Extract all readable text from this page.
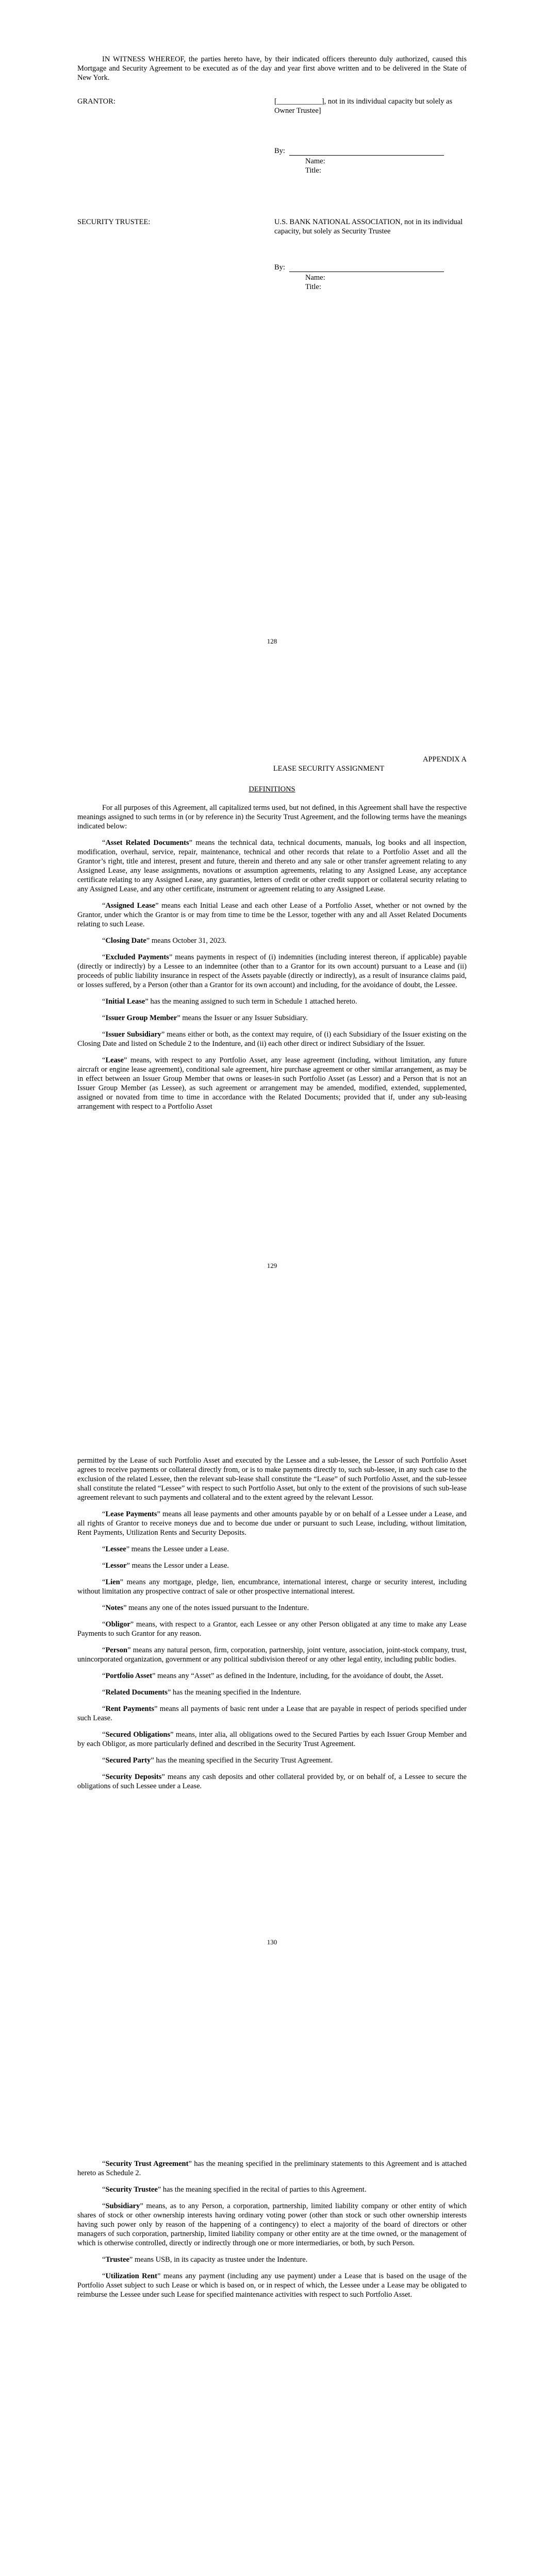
IN WITNESS WHEREOF, the parties hereto have, by their indicated officers thereunto duly authorized, caused this Mortgage and Security Agreement to be executed as of the day and year first above written and to be delivered in the State of New York.

GRANTOR:	[____________], not in its individual capacity but solely as Owner Trustee]
By:
Name:
Title:
SECURITY TRUSTEE:	U.S. BANK NATIONAL ASSOCIATION, not in its individual capacity, but solely as Security Trustee
By:
Name:
Title:
128

APPENDIX A

LEASE SECURITY ASSIGNMENT

DEFINITIONS

For all purposes of this Agreement, all capitalized terms used, but not defined, in this Agreement shall have the respective meanings assigned to such terms in (or by reference in) the Security Trust Agreement, and the following terms have the meanings indicated below:

“Asset Related Documents” means the technical data, technical documents, manuals, log books and all inspection, modification, overhaul, service, repair, maintenance, technical and other records that relate to a Portfolio Asset and all the Grantor’s right, title and interest, present and future, therein and thereto and any sale or other transfer agreement relating to any Assigned Lease, any lease assignments, novations or assumption agreements, relating to any Assigned Lease, any acceptance certificate relating to any Assigned Lease, any guaranties, letters of credit or other credit support or collateral security relating to any Assigned Lease, and any other certificate, instrument or agreement relating to any Assigned Lease.

“Assigned Lease” means each Initial Lease and each other Lease of a Portfolio Asset, whether or not owned by the Grantor, under which the Grantor is or may from time to time be the Lessor, together with any and all Asset Related Documents relating to such Lease.

“Closing Date” means October 31, 2023.

“Excluded Payments” means payments in respect of (i) indemnities (including interest thereon, if applicable) payable (directly or indirectly) by a Lessee to an indemnitee (other than to a Grantor for its own account) pursuant to a Lease and (ii) proceeds of public liability insurance in respect of the Assets payable (directly or indirectly), as a result of insurance claims paid, or losses suffered, by a Person (other than a Grantor for its own account) and including, for the avoidance of doubt, the Lessee.

“Initial Lease” has the meaning assigned to such term in Schedule 1 attached hereto.

“Issuer Group Member” means the Issuer or any Issuer Subsidiary.

“Issuer Subsidiary” means either or both, as the context may require, of (i) each Subsidiary of the Issuer existing on the Closing Date and listed on Schedule 2 to the Indenture, and (ii) each other direct or indirect Subsidiary of the Issuer.

“Lease” means, with respect to any Portfolio Asset, any lease agreement (including, without limitation, any future aircraft or engine lease agreement), conditional sale agreement, hire purchase agreement or other similar arrangement, as may be in effect between an Issuer Group Member that owns or leases-in such Portfolio Asset (as Lessor) and a Person that is not an Issuer Group Member (as Lessee), as such agreement or arrangement may be amended, modified, extended, supplemented, assigned or novated from time to time in accordance with the Related Documents; provided that if, under any sub-leasing arrangement with respect to a Portfolio Asset

129

permitted by the Lease of such Portfolio Asset and executed by the Lessee and a sub-lessee, the Lessor of such Portfolio Asset agrees to receive payments or collateral directly from, or is to make payments directly to, such sub-lessee, in any such case to the exclusion of the related Lessee, then the relevant sub-lease shall constitute the “Lease” of such Portfolio Asset, and the sub-lessee shall constitute the related “Lessee” with respect to such Portfolio Asset, but only to the extent of the provisions of such sub-lease agreement relevant to such payments and collateral and to the extent agreed by the relevant Lessor.

“Lease Payments” means all lease payments and other amounts payable by or on behalf of a Lessee under a Lease, and all rights of Grantor to receive moneys due and to become due under or pursuant to such Lease, including, without limitation, Rent Payments, Utilization Rents and Security Deposits.

“Lessee” means the Lessee under a Lease.

“Lessor” means the Lessor under a Lease.

“Lien” means any mortgage, pledge, lien, encumbrance, international interest, charge or security interest, including without limitation any prospective contract of sale or other prospective international interest.

“Notes” means any one of the notes issued pursuant to the Indenture.

“Obligor” means, with respect to a Grantor, each Lessee or any other Person obligated at any time to make any Lease Payments to such Grantor for any reason.

“Person” means any natural person, firm, corporation, partnership, joint venture, association, joint-stock company, trust, unincorporated organization, government or any political subdivision thereof or any other legal entity, including public bodies.

“Portfolio Asset” means any “Asset” as defined in the Indenture, including, for the avoidance of doubt, the Asset.

“Related Documents” has the meaning specified in the Indenture.

“Rent Payments” means all payments of basic rent under a Lease that are payable in respect of periods specified under such Lease.

“Secured Obligations” means, inter alia, all obligations owed to the Secured Parties by each Issuer Group Member and by each Obligor, as more particularly defined and described in the Security Trust Agreement.

“Secured Party” has the meaning specified in the Security Trust Agreement.

“Security Deposits” means any cash deposits and other collateral provided by, or on behalf of, a Lessee to secure the obligations of such Lessee under a Lease.

130

“Security Trust Agreement” has the meaning specified in the preliminary statements to this Agreement and is attached hereto as Schedule 2.

“Security Trustee” has the meaning specified in the recital of parties to this Agreement.

“Subsidiary” means, as to any Person, a corporation, partnership, limited liability company or other entity of which shares of stock or other ownership interests having ordinary voting power (other than stock or such other ownership interests having such power only by reason of the happening of a contingency) to elect a majority of the board of directors or other managers of such corporation, partnership, limited liability company or other entity are at the time owned, or the management of which is otherwise controlled, directly or indirectly through one or more intermediaries, or both, by such Person.

“Trustee” means USB, in its capacity as trustee under the Indenture.

“Utilization Rent” means any payment (including any use payment) under a Lease that is based on the usage of the Portfolio Asset subject to such Lease or which is based on, or in respect of which, the Lessee under a Lease may be obligated to reimburse the Lessee under such Lease for specified maintenance activities with respect to such Portfolio Asset.
